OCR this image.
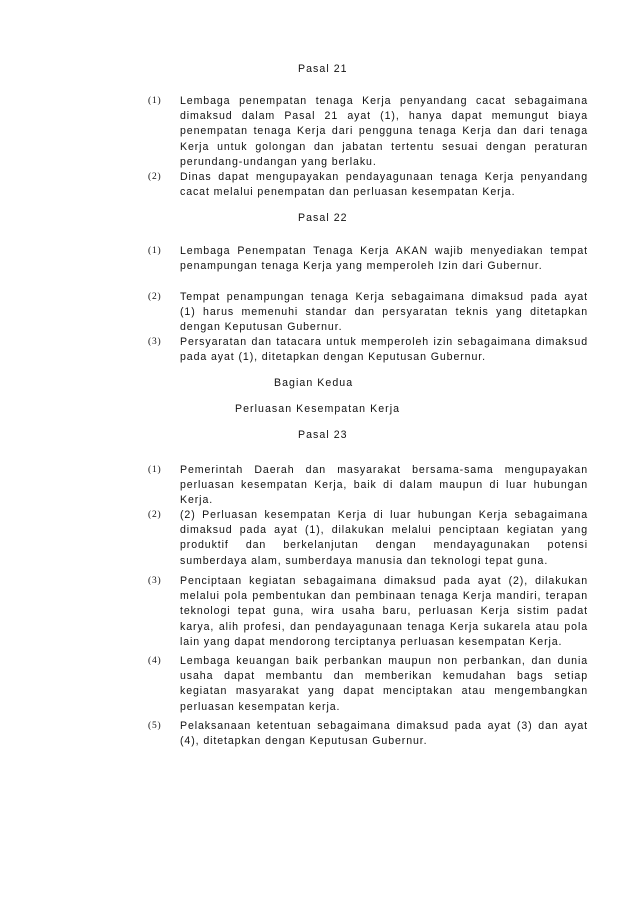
Pasal 21
(1) Lembaga penempatan tenaga Kerja penyandang cacat sebagaimana dimaksud dalam Pasal 21 ayat (1), hanya dapat memungut biaya penempatan tenaga Kerja dari pengguna tenaga Kerja dan dari tenaga Kerja untuk golongan dan jabatan tertentu sesuai dengan peraturan perundang-undangan yang berlaku.
(2) Dinas dapat mengupayakan pendayagunaan tenaga Kerja penyandang cacat melalui penempatan dan perluasan kesempatan Kerja.
Pasal 22
(1) Lembaga Penempatan Tenaga Kerja AKAN wajib menyediakan tempat penampungan tenaga Kerja yang memperoleh Izin dari Gubernur.
(2) Tempat penampungan tenaga Kerja sebagaimana dimaksud pada ayat (1) harus memenuhi standar dan persyaratan teknis yang ditetapkan dengan Keputusan Gubernur.
(3) Persyaratan dan tatacara untuk memperoleh izin sebagaimana dimaksud pada ayat (1), ditetapkan dengan Keputusan Gubernur.
Bagian Kedua
Perluasan Kesempatan Kerja
Pasal 23
(1) Pemerintah Daerah dan masyarakat bersama-sama mengupayakan perluasan kesempatan Kerja, baik di dalam maupun di luar hubungan Kerja.
(2) (2) Perluasan kesempatan Kerja di luar hubungan Kerja sebagaimana dimaksud pada ayat (1), dilakukan melalui penciptaan kegiatan yang produktif dan berkelanjutan dengan mendayagunakan potensi sumberdaya alam, sumberdaya manusia dan teknologi tepat guna.
(3) Penciptaan kegiatan sebagaimana dimaksud pada ayat (2), dilakukan melalui pola pembentukan dan pembinaan tenaga Kerja mandiri, terapan teknologi tepat guna, wira usaha baru, perluasan Kerja sistim padat karya, alih profesi, dan pendayagunaan tenaga Kerja sukarela atau pola lain yang dapat mendorong terciptanya perluasan kesempatan Kerja.
(4) Lembaga keuangan baik perbankan maupun non perbankan, dan dunia usaha dapat membantu dan memberikan kemudahan bags setiap kegiatan masyarakat yang dapat menciptakan atau mengembangkan perluasan kesempatan kerja.
(5) Pelaksanaan ketentuan sebagaimana dimaksud pada ayat (3) dan ayat (4), ditetapkan dengan Keputusan Gubernur.
